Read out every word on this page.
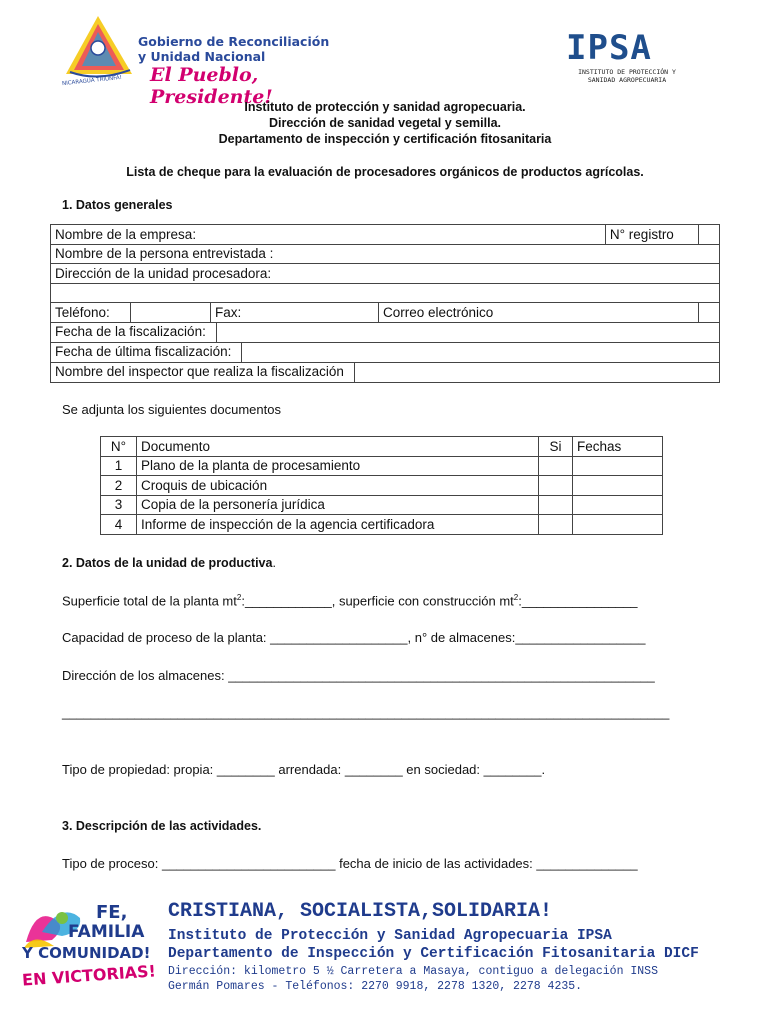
Gobierno de Reconciliación
y Unidad Nacional
El Pueblo, Presidente!
NICARAGUA TRIUNFA!
IPSA
INSTITUTO DE PROTECCIÓN Y
SANIDAD AGROPECUARIA
Instituto de protección y sanidad agropecuaria.
Dirección de sanidad vegetal y semilla.
Departamento de inspección y certificación fitosanitaria
Lista de cheque para la evaluación de procesadores orgánicos de productos agrícolas.
1. Datos generales
Nombre de la empresa:				N° registro	
Nombre de la persona entrevistada :					
Dirección de la unidad procesadora:					

Teléfono:		Fax:	Correo electrónico		
Fecha de la fiscalización:					
Fecha de última fiscalización:					
Nombre del inspector que realiza la fiscalización					
Se adjunta los siguientes documentos
N°	Documento	Si	Fechas
1	Plano de la planta de procesamiento		
2	Croquis de ubicación		
3	Copia de la personería jurídica		
4	Informe de inspección de la agencia certificadora		
2. Datos de la unidad de productiva.
Superficie total de la planta $mt^2:\_\_\_\_\_\_\_\_\_\_\_\_$, superficie con construcción $mt^2:\_\_\_\_\_\_\_\_\_\_\_\_\_\_\_\_$
Capacidad de proceso de la planta: ___________________, n° de almacenes:__________________
Dirección de los almacenes: ___________________________________________________________
____________________________________________________________________________________
Tipo de propiedad: propia: ________ arrendada: ________ en sociedad: ________.
3. Descripción de las actividades.
Tipo de proceso: ________________________ fecha de inicio de las actividades: ______________
FE,
FAMILIA
Y COMUNIDAD!
EN VICTORIAS!
CRISTIANA, SOCIALISTA,SOLIDARIA!
Instituto de Protección y Sanidad Agropecuaria IPSA
Departamento de Inspección y Certificación Fitosanitaria DICF
Dirección: kilometro 5 ½ Carretera a Masaya, contiguo a delegación INSS
Germán Pomares - Teléfonos: 2270 9918, 2278 1320, 2278 4235.
